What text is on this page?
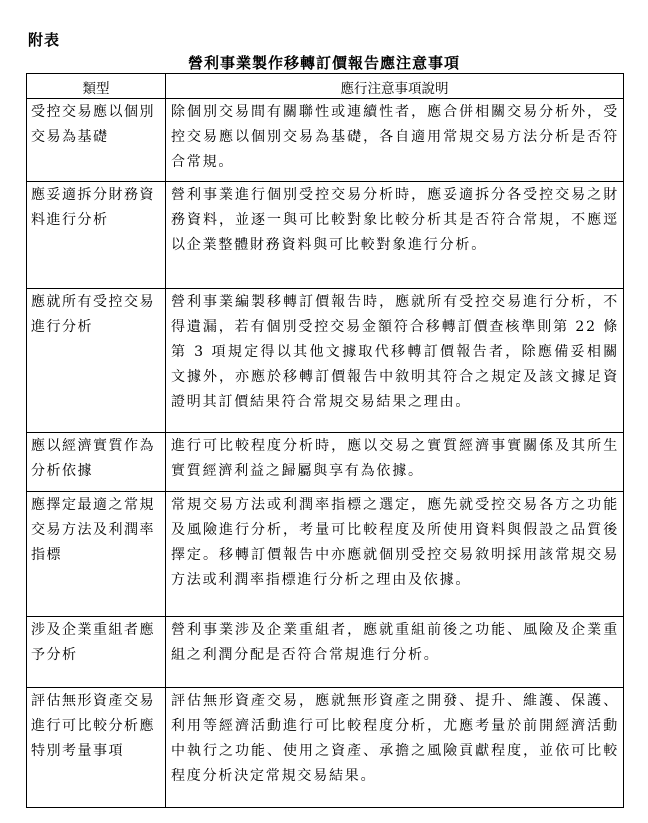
附表
營利事業製作移轉訂價報告應注意事項
類型	應行注意事項說明
受控交易應以個別交易為基礎	除個別交易間有關聯性或連續性者，應合併相關交易分析外，受控交易應以個別交易為基礎，各自適用常規交易方法分析是否符合常規。
應妥適拆分財務資料進行分析	營利事業進行個別受控交易分析時，應妥適拆分各受控交易之財務資料，並逐一與可比較對象比較分析其是否符合常規，不應逕以企業整體財務資料與可比較對象進行分析。
應就所有受控交易進行分析	營利事業編製移轉訂價報告時，應就所有受控交易進行分析，不得遺漏，若有個別受控交易金額符合移轉訂價查核準則第 22 條第 3 項規定得以其他文據取代移轉訂價報告者，除應備妥相關文據外，亦應於移轉訂價報告中敘明其符合之規定及該文據足資證明其訂價結果符合常規交易結果之理由。
應以經濟實質作為分析依據	進行可比較程度分析時，應以交易之實質經濟事實關係及其所生實質經濟利益之歸屬與享有為依據。
應擇定最適之常規交易方法及利潤率指標	常規交易方法或利潤率指標之選定，應先就受控交易各方之功能及風險進行分析，考量可比較程度及所使用資料與假設之品質後擇定。移轉訂價報告中亦應就個別受控交易敘明採用該常規交易方法或利潤率指標進行分析之理由及依據。
涉及企業重組者應予分析	營利事業涉及企業重組者，應就重組前後之功能、風險及企業重組之利潤分配是否符合常規進行分析。
評估無形資產交易進行可比較分析應特別考量事項	評估無形資產交易，應就無形資產之開發、提升、維護、保護、利用等經濟活動進行可比較程度分析，尤應考量於前開經濟活動中執行之功能、使用之資產、承擔之風險貢獻程度，並依可比較程度分析決定常規交易結果。
